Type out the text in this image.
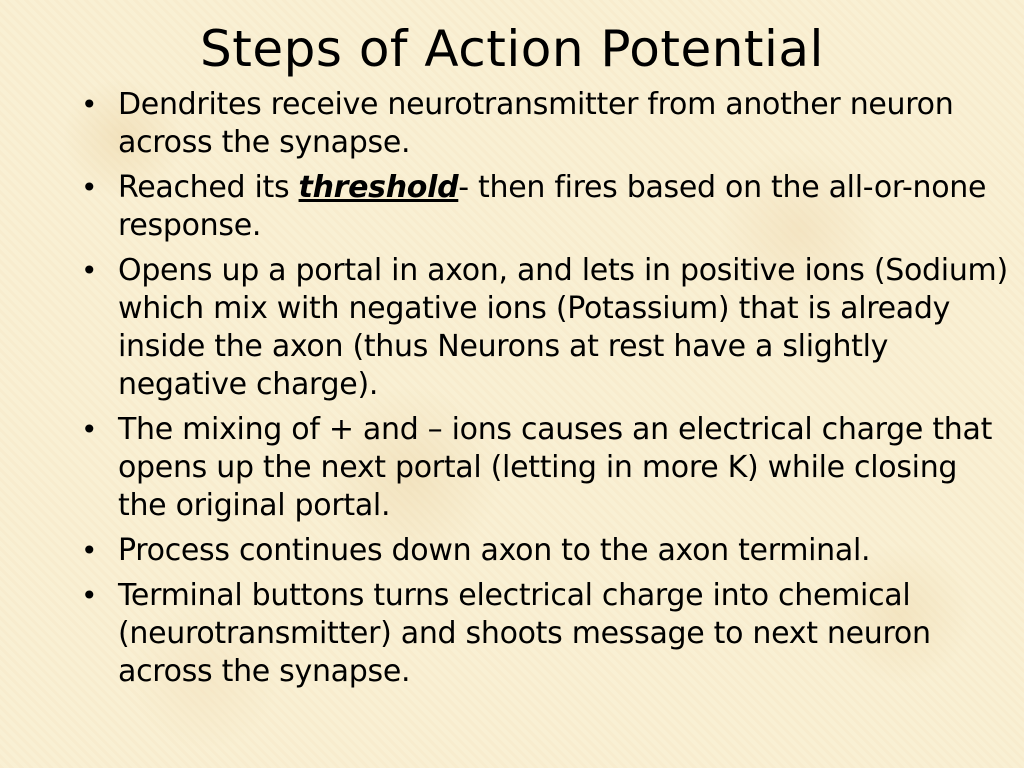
Steps of Action Potential
• Dendrites receive neurotransmitter from another neuron across the synapse.
• Reached its threshold- then fires based on the all-or-none response.
• Opens up a portal in axon, and lets in positive ions (Sodium) which mix with negative ions (Potassium) that is already inside the axon (thus Neurons at rest have a slightly negative charge).
• The mixing of + and – ions causes an electrical charge that opens up the next portal (letting in more K) while closing the original portal.
• Process continues down axon to the axon terminal.
• Terminal buttons turns electrical charge into chemical (neurotransmitter) and shoots message to next neuron across the synapse.
